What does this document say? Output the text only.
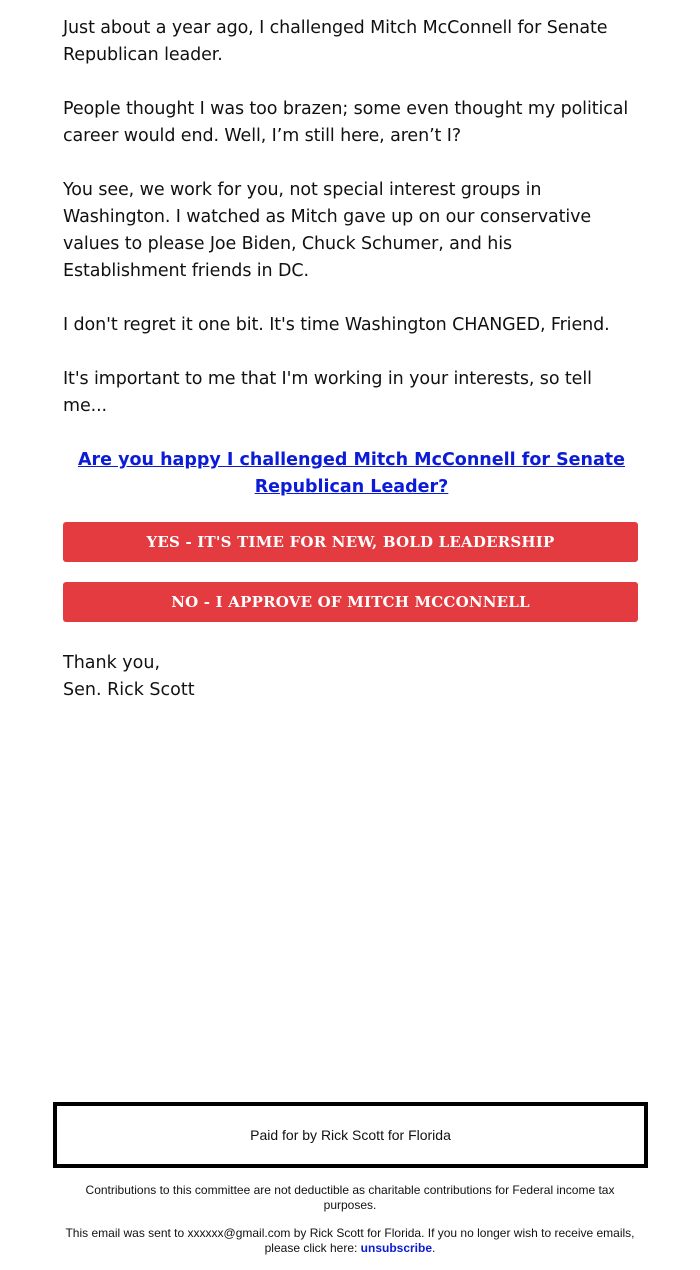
Just about a year ago, I challenged Mitch McConnell for Senate Republican leader.

People thought I was too brazen; some even thought my political career would end. Well, I’m still here, aren’t I?

You see, we work for you, not special interest groups in Washington. I watched as Mitch gave up on our conservative values to please Joe Biden, Chuck Schumer, and his Establishment friends in DC.

I don't regret it one bit. It's time Washington CHANGED, Friend.

It's important to me that I'm working in your interests, so tell me...

Are you happy I challenged Mitch McConnell for Senate Republican Leader?
YES - IT'S TIME FOR NEW, BOLD LEADERSHIP
NO - I APPROVE OF MITCH MCCONNELL
Thank you,
Sen. Rick Scott
Paid for by Rick Scott for Florida
Contributions to this committee are not deductible as charitable contributions for Federal income tax purposes.
This email was sent to xxxxxx@gmail.com by Rick Scott for Florida. If you no longer wish to receive emails, please click here: unsubscribe.
